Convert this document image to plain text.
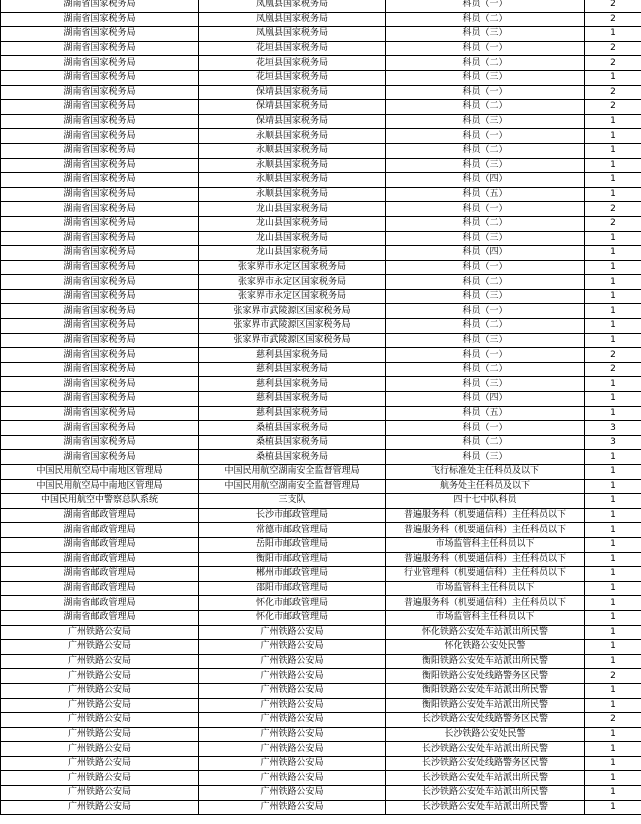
湖南省国家税务局	凤凰县国家税务局	科员（一）	2
湖南省国家税务局	凤凰县国家税务局	科员（二）	2
湖南省国家税务局	凤凰县国家税务局	科员（三）	1
湖南省国家税务局	花垣县国家税务局	科员（一）	2
湖南省国家税务局	花垣县国家税务局	科员（二）	2
湖南省国家税务局	花垣县国家税务局	科员（三）	1
湖南省国家税务局	保靖县国家税务局	科员（一）	2
湖南省国家税务局	保靖县国家税务局	科员（二）	2
湖南省国家税务局	保靖县国家税务局	科员（三）	1
湖南省国家税务局	永顺县国家税务局	科员（一）	1
湖南省国家税务局	永顺县国家税务局	科员（二）	1
湖南省国家税务局	永顺县国家税务局	科员（三）	1
湖南省国家税务局	永顺县国家税务局	科员（四）	1
湖南省国家税务局	永顺县国家税务局	科员（五）	1
湖南省国家税务局	龙山县国家税务局	科员（一）	2
湖南省国家税务局	龙山县国家税务局	科员（二）	2
湖南省国家税务局	龙山县国家税务局	科员（三）	1
湖南省国家税务局	龙山县国家税务局	科员（四）	1
湖南省国家税务局	张家界市永定区国家税务局	科员（一）	1
湖南省国家税务局	张家界市永定区国家税务局	科员（二）	1
湖南省国家税务局	张家界市永定区国家税务局	科员（三）	1
湖南省国家税务局	张家界市武陵源区国家税务局	科员（一）	1
湖南省国家税务局	张家界市武陵源区国家税务局	科员（二）	1
湖南省国家税务局	张家界市武陵源区国家税务局	科员（三）	1
湖南省国家税务局	慈利县国家税务局	科员（一）	2
湖南省国家税务局	慈利县国家税务局	科员（二）	2
湖南省国家税务局	慈利县国家税务局	科员（三）	1
湖南省国家税务局	慈利县国家税务局	科员（四）	1
湖南省国家税务局	慈利县国家税务局	科员（五）	1
湖南省国家税务局	桑植县国家税务局	科员（一）	3
湖南省国家税务局	桑植县国家税务局	科员（二）	3
湖南省国家税务局	桑植县国家税务局	科员（三）	1
中国民用航空局中南地区管理局	中国民用航空湖南安全监督管理局	飞行标准处主任科员及以下	1
中国民用航空局中南地区管理局	中国民用航空湖南安全监督管理局	航务处主任科员及以下	1
中国民用航空中警察总队系统	三支队	四十七中队科员	1
湖南省邮政管理局	长沙市邮政管理局	普遍服务科（机要通信科）主任科员以下	1
湖南省邮政管理局	常德市邮政管理局	普遍服务科（机要通信科）主任科员以下	1
湖南省邮政管理局	岳阳市邮政管理局	市场监管科主任科员以下	1
湖南省邮政管理局	衡阳市邮政管理局	普遍服务科（机要通信科）主任科员以下	1
湖南省邮政管理局	郴州市邮政管理局	行业管理科（机要通信科）主任科员以下	1
湖南省邮政管理局	邵阳市邮政管理局	市场监管科主任科员以下	1
湖南省邮政管理局	怀化市邮政管理局	普遍服务科（机要通信科）主任科员以下	1
湖南省邮政管理局	怀化市邮政管理局	市场监管科主任科员以下	1
广州铁路公安局	广州铁路公安局	怀化铁路公安处车站派出所民警	1
广州铁路公安局	广州铁路公安局	怀化铁路公安处民警	1
广州铁路公安局	广州铁路公安局	衡阳铁路公安处车站派出所民警	1
广州铁路公安局	广州铁路公安局	衡阳铁路公安处线路警务区民警	2
广州铁路公安局	广州铁路公安局	衡阳铁路公安处车站派出所民警	1
广州铁路公安局	广州铁路公安局	衡阳铁路公安处车站派出所民警	1
广州铁路公安局	广州铁路公安局	长沙铁路公安处线路警务区民警	2
广州铁路公安局	广州铁路公安局	长沙铁路公安处民警	1
广州铁路公安局	广州铁路公安局	长沙铁路公安处车站派出所民警	1
广州铁路公安局	广州铁路公安局	长沙铁路公安处线路警务区民警	1
广州铁路公安局	广州铁路公安局	长沙铁路公安处车站派出所民警	1
广州铁路公安局	广州铁路公安局	长沙铁路公安处车站派出所民警	1
广州铁路公安局	广州铁路公安局	长沙铁路公安处车站派出所民警	1
